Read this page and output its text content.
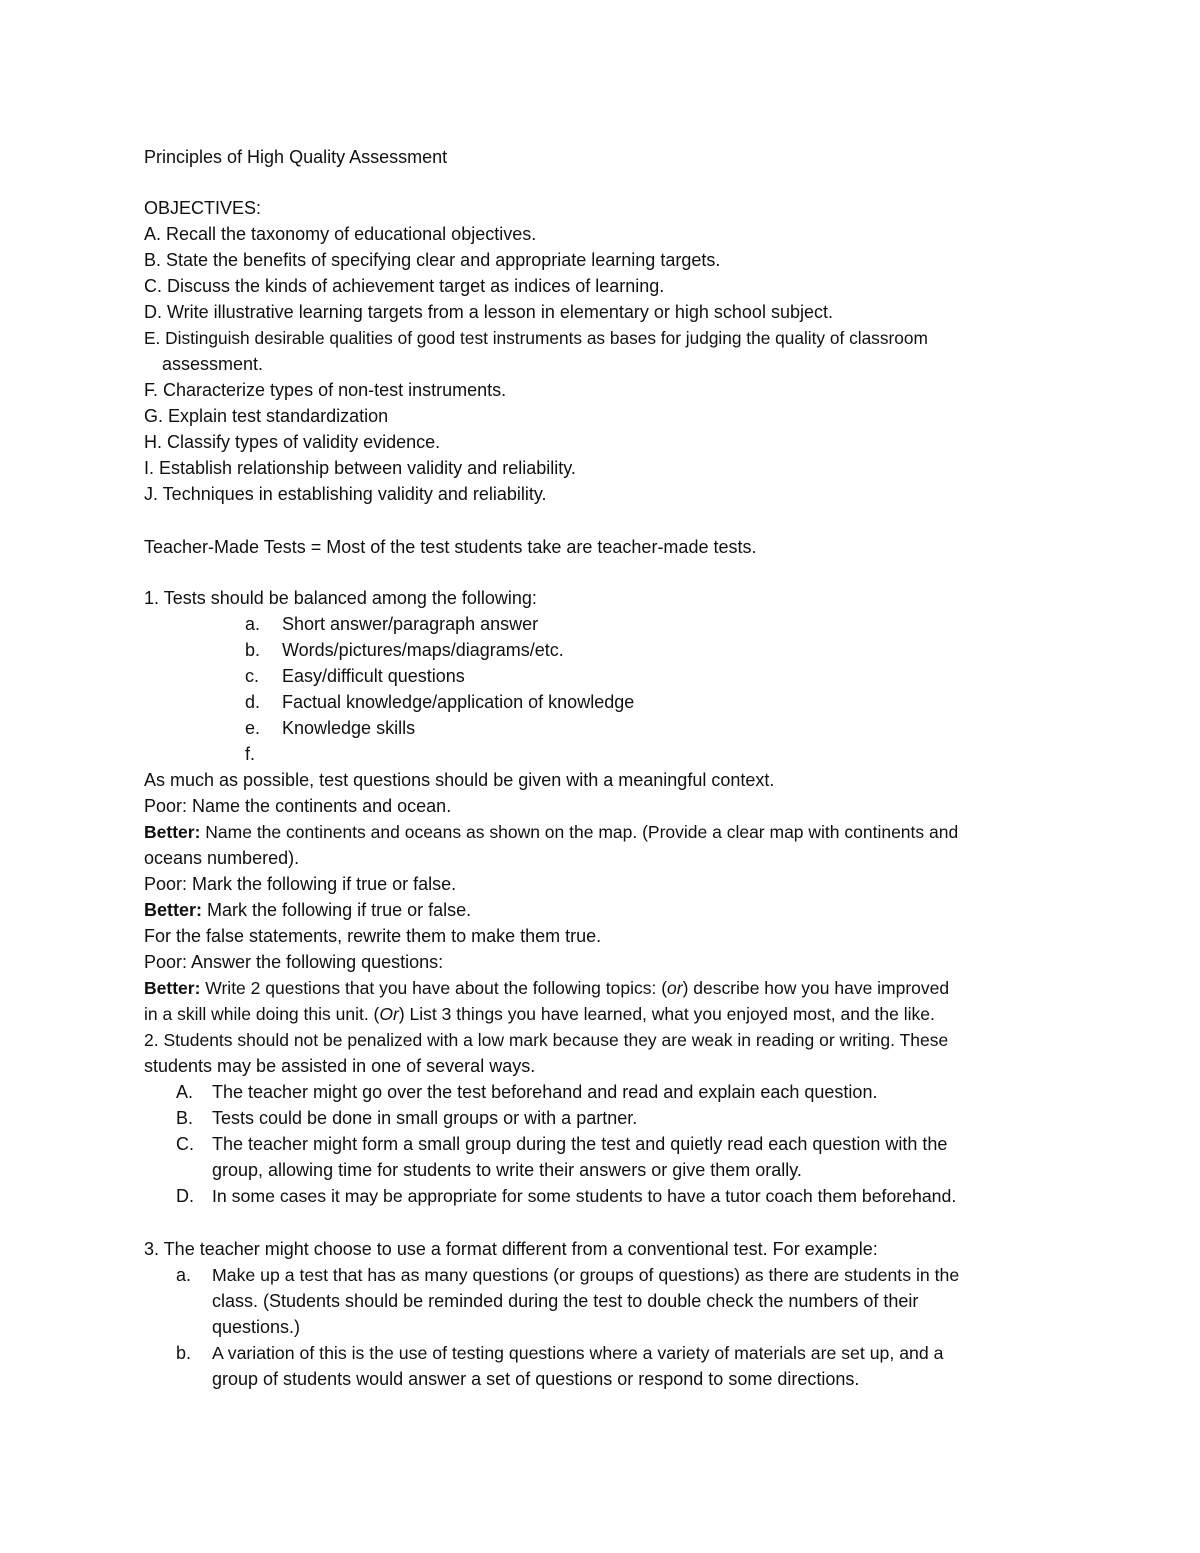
Principles of High Quality Assessment
OBJECTIVES:
A. Recall the taxonomy of educational objectives.
B. State the benefits of specifying clear and appropriate learning targets.
C. Discuss the kinds of achievement target as indices of learning.
D. Write illustrative learning targets from a lesson in elementary or high school subject.
E. Distinguish desirable qualities of good test instruments as bases for judging the quality of classroom
assessment.
F. Characterize types of non-test instruments.
G. Explain test standardization
H. Classify types of validity evidence.
I. Establish relationship between validity and reliability.
J. Techniques in establishing validity and reliability.
Teacher-Made Tests = Most of the test students take are teacher-made tests.
1. Tests should be balanced among the following:
a. Short answer/paragraph answer
b. Words/pictures/maps/diagrams/etc.
c. Easy/difficult questions
d. Factual knowledge/application of knowledge
e. Knowledge skills
f.
As much as possible, test questions should be given with a meaningful context.
Poor: Name the continents and ocean.
Better: Name the continents and oceans as shown on the map. (Provide a clear map with continents and
oceans numbered).
Poor: Mark the following if true or false.
Better: Mark the following if true or false.
For the false statements, rewrite them to make them true.
Poor: Answer the following questions:
Better: Write 2 questions that you have about the following topics: (or) describe how you have improved
in a skill while doing this unit. (Or) List 3 things you have learned, what you enjoyed most, and the like.
2. Students should not be penalized with a low mark because they are weak in reading or writing. These
students may be assisted in one of several ways.
A. The teacher might go over the test beforehand and read and explain each question.
B. Tests could be done in small groups or with a partner.
C. The teacher might form a small group during the test and quietly read each question with the
group, allowing time for students to write their answers or give them orally.
D. In some cases it may be appropriate for some students to have a tutor coach them beforehand.
3. The teacher might choose to use a format different from a conventional test. For example:
a. Make up a test that has as many questions (or groups of questions) as there are students in the
class. (Students should be reminded during the test to double check the numbers of their
questions.)
b. A variation of this is the use of testing questions where a variety of materials are set up, and a
group of students would answer a set of questions or respond to some directions.
